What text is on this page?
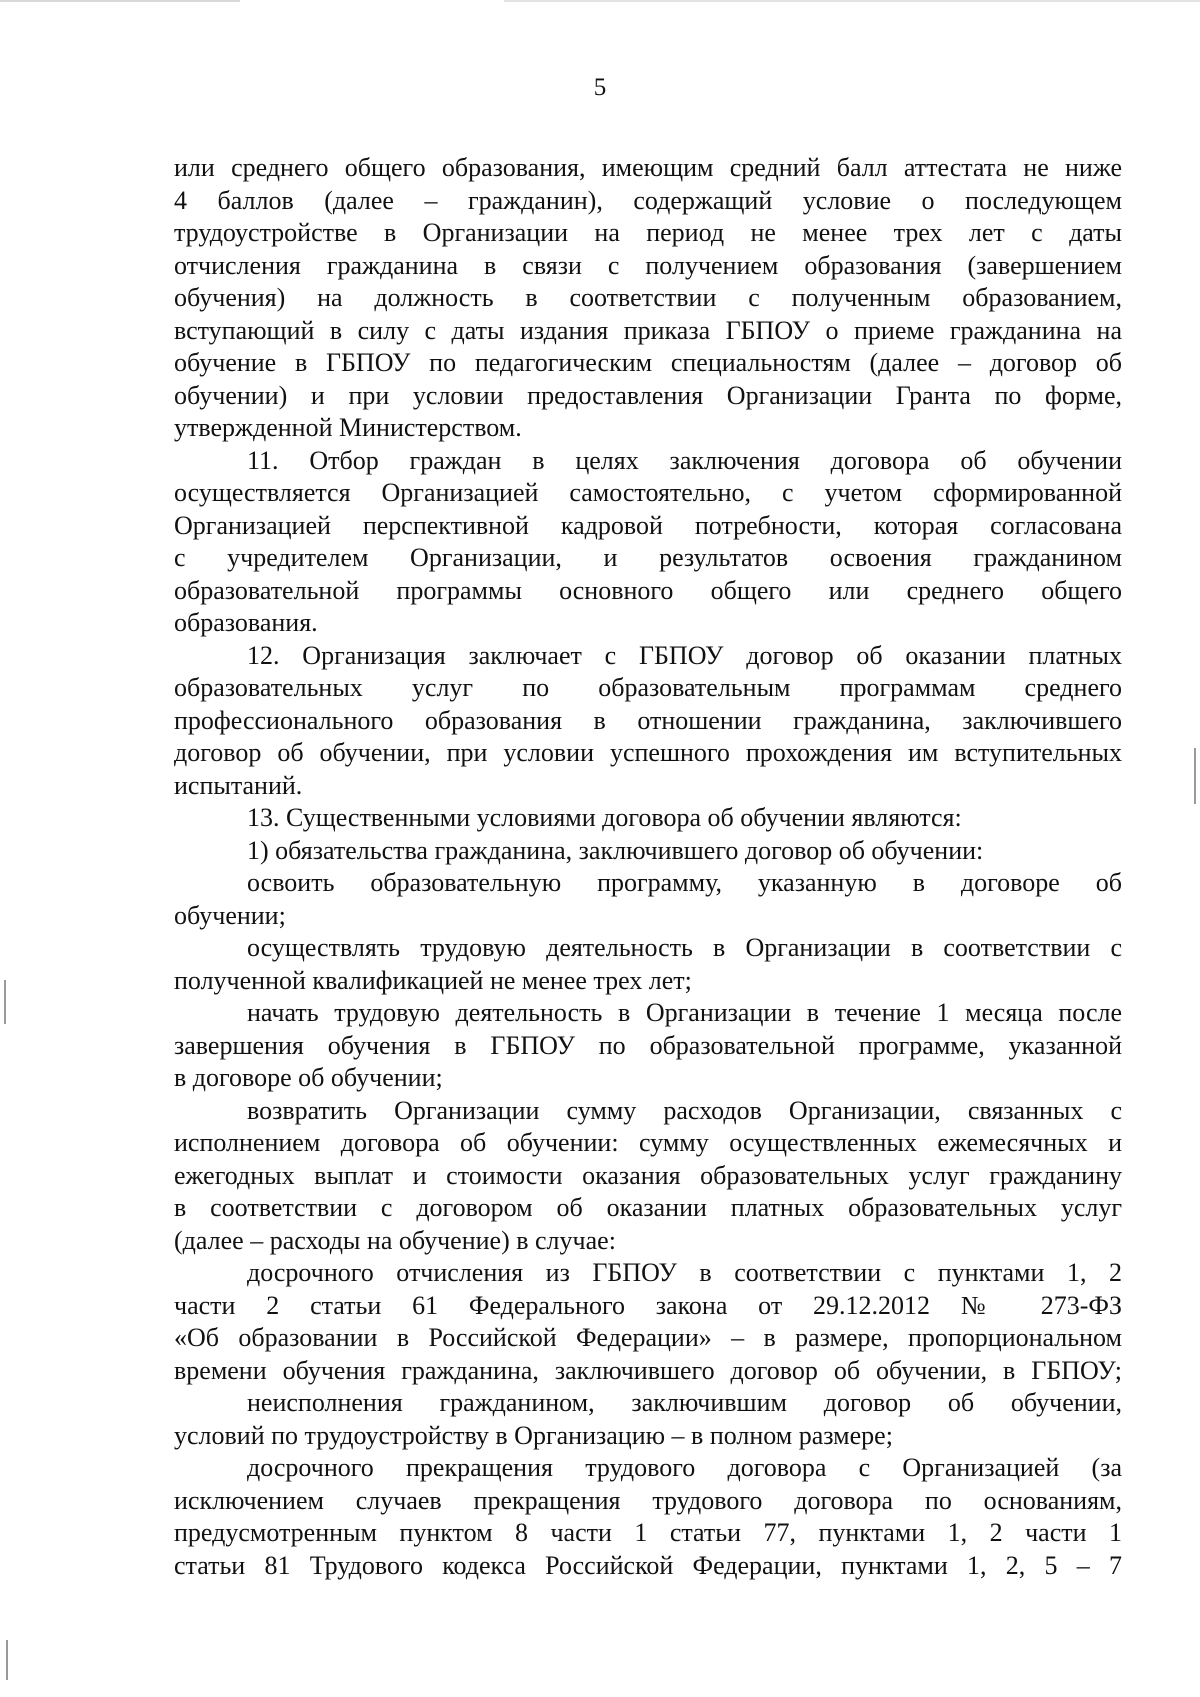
5
или среднего общего образования, имеющим средний балл аттестата не ниже
4 баллов (далее – гражданин), содержащий условие о последующем
трудоустройстве в Организации на период не менее трех лет с даты
отчисления гражданина в связи с получением образования (завершением
обучения) на должность в соответствии с полученным образованием,
вступающий в силу с даты издания приказа ГБПОУ о приеме гражданина на
обучение в ГБПОУ по педагогическим специальностям (далее – договор об
обучении) и при условии предоставления Организации Гранта по форме,
утвержденной Министерством.
11. Отбор граждан в целях заключения договора об обучении
осуществляется Организацией самостоятельно, с учетом сформированной
Организацией перспективной кадровой потребности, которая согласована
с учредителем Организации, и результатов освоения гражданином
образовательной программы основного общего или среднего общего
образования.
12. Организация заключает с ГБПОУ договор об оказании платных
образовательных услуг по образовательным программам среднего
профессионального образования в отношении гражданина, заключившего
договор об обучении, при условии успешного прохождения им вступительных
испытаний.
13. Существенными условиями договора об обучении являются:
1) обязательства гражданина, заключившего договор об обучении:
освоить образовательную программу, указанную в договоре об
обучении;
осуществлять трудовую деятельность в Организации в соответствии с
полученной квалификацией не менее трех лет;
начать трудовую деятельность в Организации в течение 1 месяца после
завершения обучения в ГБПОУ по образовательной программе, указанной
в договоре об обучении;
возвратить Организации сумму расходов Организации, связанных с
исполнением договора об обучении: сумму осуществленных ежемесячных и
ежегодных выплат и стоимости оказания образовательных услуг гражданину
в соответствии с договором об оказании платных образовательных услуг
(далее – расходы на обучение) в случае:
досрочного отчисления из ГБПОУ в соответствии с пунктами 1, 2
части 2 статьи 61 Федерального закона от 29.12.2012 № 273-ФЗ
«Об образовании в Российской Федерации» – в размере, пропорциональном
времени обучения гражданина, заключившего договор об обучении, в ГБПОУ;
неисполнения гражданином, заключившим договор об обучении,
условий по трудоустройству в Организацию – в полном размере;
досрочного прекращения трудового договора с Организацией (за
исключением случаев прекращения трудового договора по основаниям,
предусмотренным пунктом 8 части 1 статьи 77, пунктами 1, 2 части 1
статьи 81 Трудового кодекса Российской Федерации, пунктами 1, 2, 5 – 7
